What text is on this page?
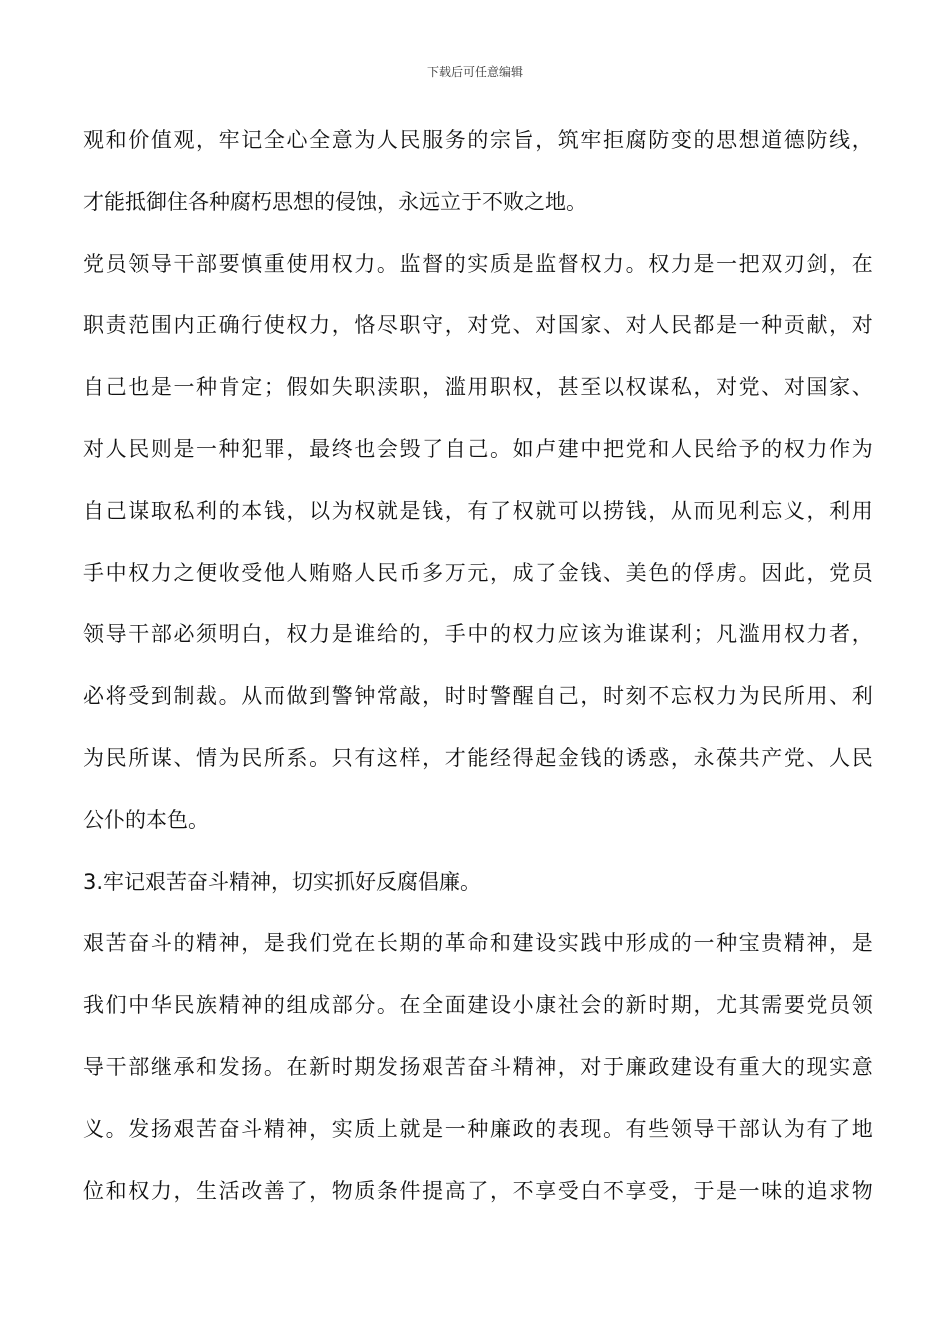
下载后可任意编辑
观 和 价 值 观 ， 牢 记 全 心 全 意 为 人 民 服 务 的 宗 旨 ， 筑 牢 拒 腐 防 变 的 思 想 道 德 防 线 ，
才能抵御住各种腐朽思想的侵蚀，永远立于不败之地。
党 员 领 导 干 部 要 慎 重 使 用 权 力 。 监 督 的 实 质 是 监 督 权 力 。 权 力 是 一 把 双 刃 剑 ， 在
职 责 范 围 内 正 确 行 使 权 力 ， 恪 尽 职 守 ， 对 党 、 对 国 家 、 对 人 民 都 是 一 种 贡 献 ， 对
自 己 也 是 一 种 肯 定 ； 假 如 失 职 渎 职 ， 滥 用 职 权 ， 甚 至 以 权 谋 私 ， 对 党 、 对 国 家 、
对 人 民 则 是 一 种 犯 罪 ， 最 终 也 会 毁 了 自 己 。 如 卢 建 中 把 党 和 人 民 给 予 的 权 力 作 为
自 己 谋 取 私 利 的 本 钱 ， 以 为 权 就 是 钱 ， 有 了 权 就 可 以 捞 钱 ， 从 而 见 利 忘 义 ， 利 用
手 中 权 力 之 便 收 受 他 人 贿 赂 人 民 币 多 万 元 ， 成 了 金 钱 、 美 色 的 俘 虏 。 因 此 ， 党 员
领 导 干 部 必 须 明 白 ， 权 力 是 谁 给 的 ， 手 中 的 权 力 应 该 为 谁 谋 利 ； 凡 滥 用 权 力 者 ，
必 将 受 到 制 裁 。 从 而 做 到 警 钟 常 敲 ， 时 时 警 醒 自 己 ， 时 刻 不 忘 权 力 为 民 所 用 、 利
为 民 所 谋 、 情 为 民 所 系 。 只 有 这 样 ， 才 能 经 得 起 金 钱 的 诱 惑 ， 永 葆 共 产 党 、 人 民
公仆的本色。
3.牢记艰苦奋斗精神，切实抓好反腐倡廉。
艰 苦 奋 斗 的 精 神 ， 是 我 们 党 在 长 期 的 革 命 和 建 设 实 践 中 形 成 的 一 种 宝 贵 精 神 ， 是
我 们 中 华 民 族 精 神 的 组 成 部 分 。 在 全 面 建 设 小 康 社 会 的 新 时 期 ， 尤 其 需 要 党 员 领
导 干 部 继 承 和 发 扬 。 在 新 时 期 发 扬 艰 苦 奋 斗 精 神 ， 对 于 廉 政 建 设 有 重 大 的 现 实 意
义 。 发 扬 艰 苦 奋 斗 精 神 ， 实 质 上 就 是 一 种 廉 政 的 表 现 。 有 些 领 导 干 部 认 为 有 了 地
位 和 权 力 ， 生 活 改 善 了 ， 物 质 条 件 提 高 了 ， 不 享 受 白 不 享 受 ， 于 是 一 味 的 追 求 物
